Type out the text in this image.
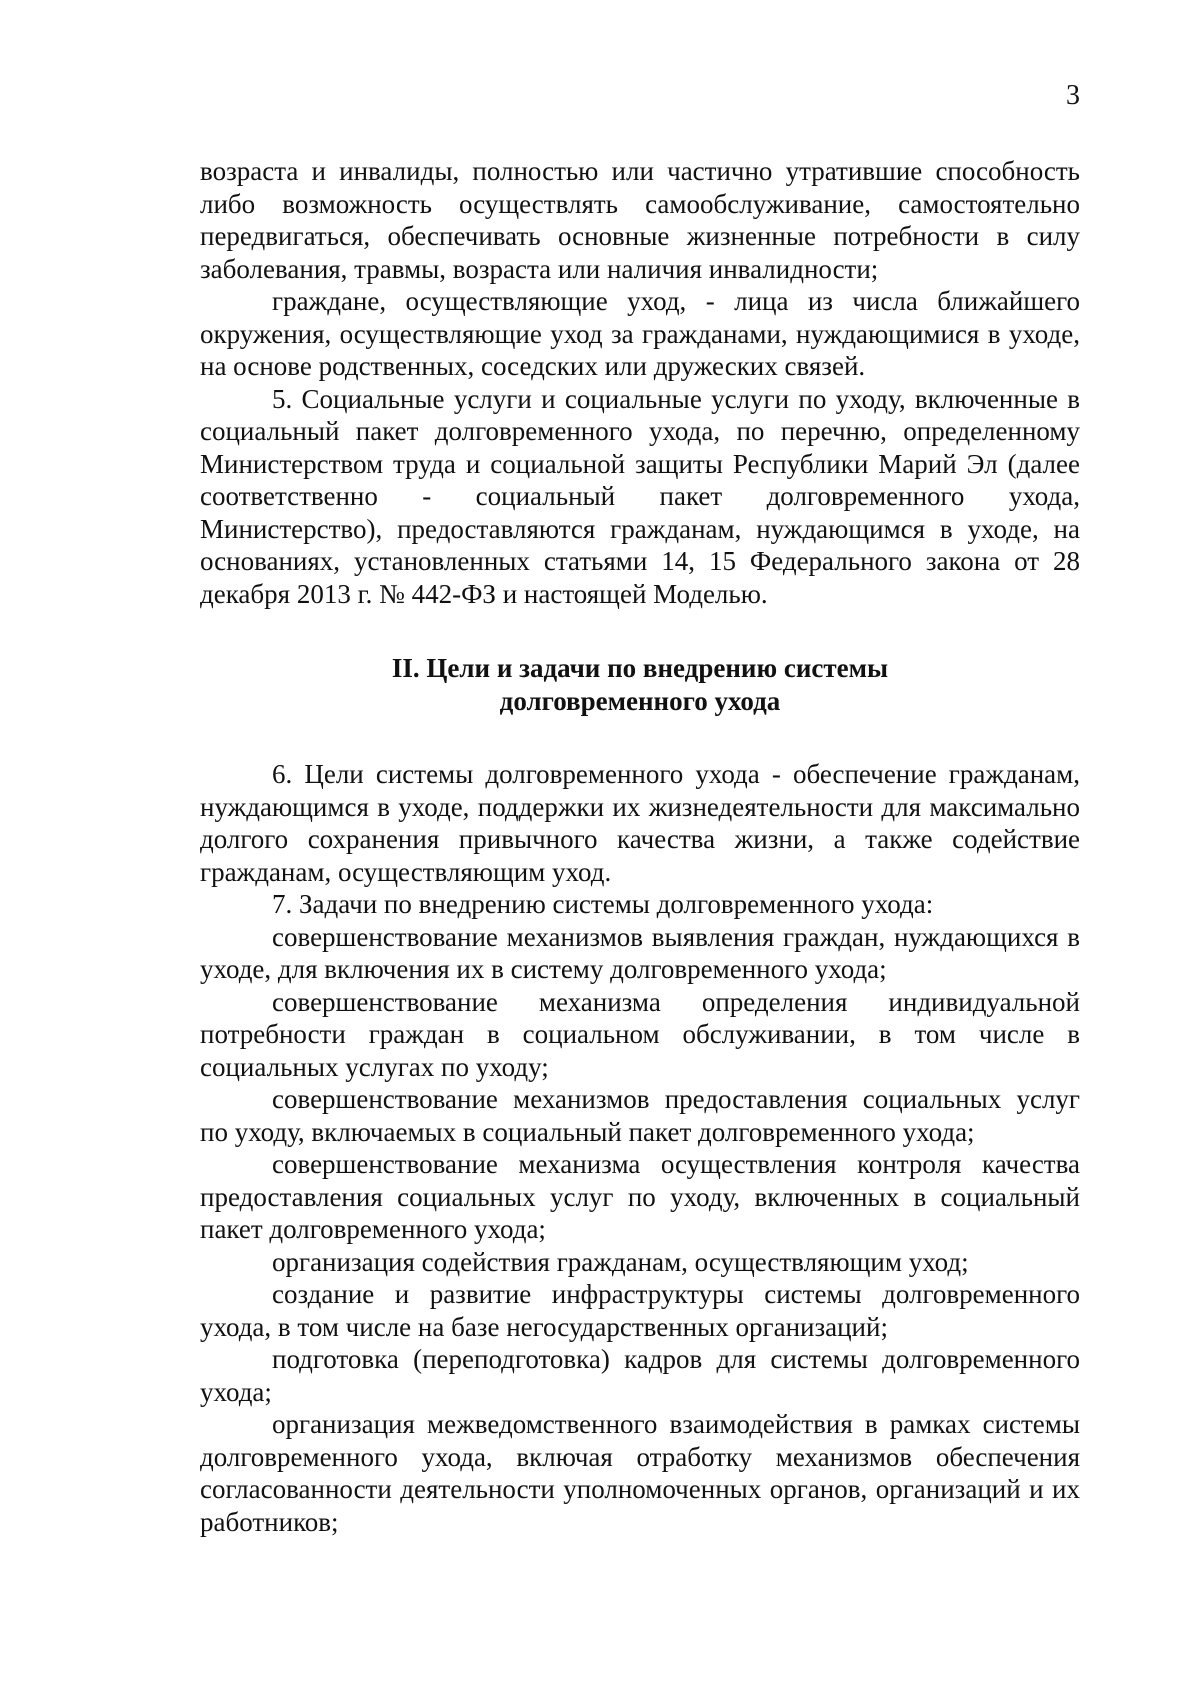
3

возраста и инвалиды, полностью или частично утратившие способность либо возможность осуществлять самообслуживание, самостоятельно передвигаться, обеспечивать основные жизненные потребности в силу заболевания, травмы, возраста или наличия инвалидности;

граждане, осуществляющие уход, - лица из числа ближайшего окружения, осуществляющие уход за гражданами, нуждающимися в уходе, на основе родственных, соседских или дружеских связей.

5. Социальные услуги и социальные услуги по уходу, включенные в социальный пакет долговременного ухода, по перечню, определенному Министерством труда и социальной защиты Республики Марий Эл (далее соответственно - социальный пакет долговременного ухода, Министерство), предоставляются гражданам, нуждающимся в уходе, на основаниях, установленных статьями 14, 15 Федерального закона от 28 декабря 2013 г. № 442-ФЗ и настоящей Моделью.

II. Цели и задачи по внедрению системы
долговременного ухода

6. Цели системы долговременного ухода - обеспечение гражданам, нуждающимся в уходе, поддержки их жизнедеятельности для максимально долгого сохранения привычного качества жизни, а также содействие гражданам, осуществляющим уход.

7. Задачи по внедрению системы долговременного ухода:

совершенствование механизмов выявления граждан, нуждающихся в уходе, для включения их в систему долговременного ухода;

совершенствование механизма определения индивидуальной потребности граждан в социальном обслуживании, в том числе в социальных услугах по уходу;

совершенствование механизмов предоставления социальных услуг по уходу, включаемых в социальный пакет долговременного ухода;

совершенствование механизма осуществления контроля качества предоставления социальных услуг по уходу, включенных в социальный пакет долговременного ухода;

организация содействия гражданам, осуществляющим уход;

создание и развитие инфраструктуры системы долговременного ухода, в том числе на базе негосударственных организаций;

подготовка (переподготовка) кадров для системы долговременного ухода;

организация межведомственного взаимодействия в рамках системы долговременного ухода, включая отработку механизмов обеспечения согласованности деятельности уполномоченных органов, организаций и их работников;
